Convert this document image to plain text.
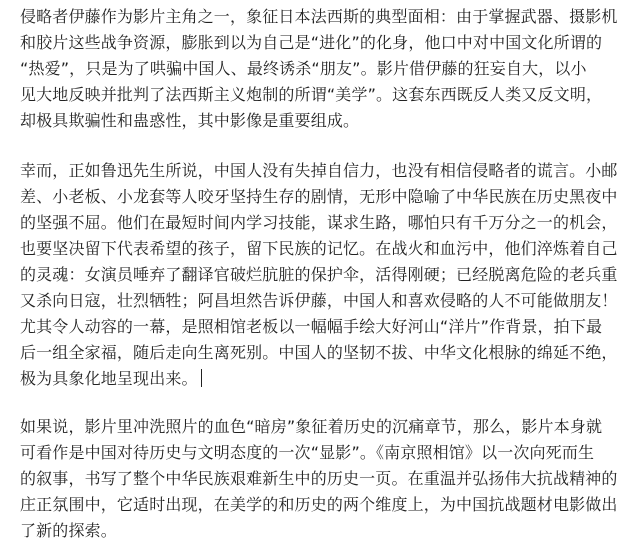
侵略者伊藤作为影片主角之一，象征日本法西斯的典型面相：由于掌握武器、摄影机
和胶片这些战争资源，膨胀到以为自己是“进化”的化身，他口中对中国文化所谓的
“热爱”，只是为了哄骗中国人、最终诱杀“朋友”。影片借伊藤的狂妄自大，以小
见大地反映并批判了法西斯主义炮制的所谓“美学”。这套东西既反人类又反文明，
却极具欺骗性和蛊惑性，其中影像是重要组成。

幸而，正如鲁迅先生所说，中国人没有失掉自信力，也没有相信侵略者的谎言。小邮
差、小老板、小龙套等人咬牙坚持生存的剧情，无形中隐喻了中华民族在历史黑夜中
的坚强不屈。他们在最短时间内学习技能，谋求生路，哪怕只有千万分之一的机会，
也要坚决留下代表希望的孩子，留下民族的记忆。在战火和血污中，他们淬炼着自己
的灵魂：女演员唾弃了翻译官破烂肮脏的保护伞，活得刚硬；已经脱离危险的老兵重
又杀向日寇，壮烈牺牲；阿昌坦然告诉伊藤，中国人和喜欢侵略的人不可能做朋友！
尤其令人动容的一幕，是照相馆老板以一幅幅手绘大好河山“洋片”作背景，拍下最
后一组全家福，随后走向生离死别。中国人的坚韧不拔、中华文化根脉的绵延不绝，
极为具象化地呈现出来。

如果说，影片里冲洗照片的血色“暗房”象征着历史的沉痛章节，那么，影片本身就
可看作是中国对待历史与文明态度的一次“显影”。《南京照相馆》以一次向死而生
的叙事，书写了整个中华民族艰难新生中的历史一页。在重温并弘扬伟大抗战精神的
庄正氛围中，它适时出现，在美学的和历史的两个维度上，为中国抗战题材电影做出
了新的探索。
